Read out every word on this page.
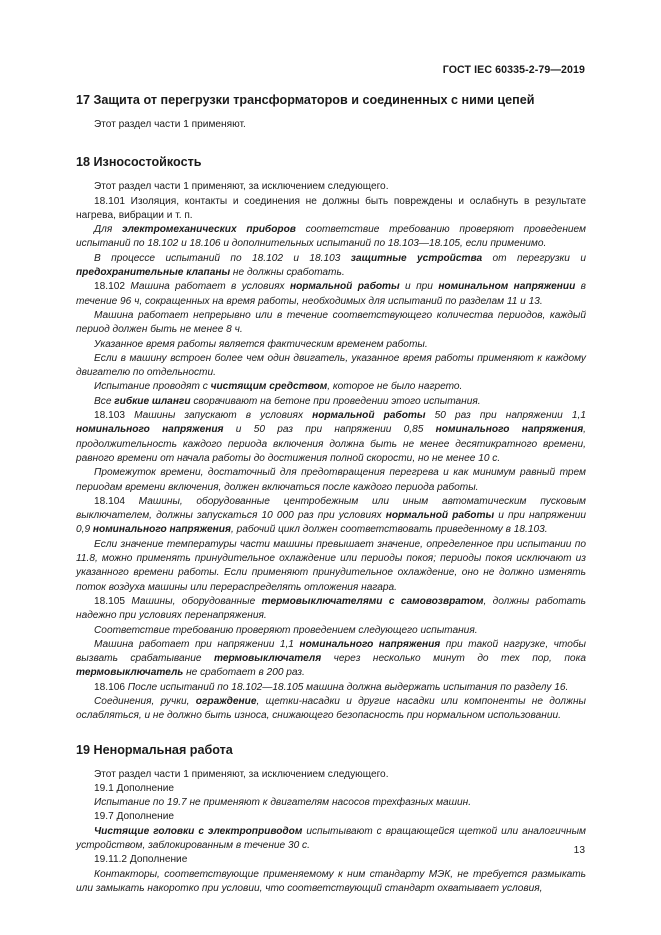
ГОСТ IEC 60335-2-79—2019
17 Защита от перегрузки трансформаторов и соединенных с ними цепей

Этот раздел части 1 применяют.

18 Износостойкость

Этот раздел части 1 применяют, за исключением следующего.

18.101 Изоляция, контакты и соединения не должны быть повреждены и ослабнуть в результате нагрева, вибрации и т. п.

Для электромеханических приборов соответствие требованию проверяют проведением испытаний по 18.102 и 18.106 и дополнительных испытаний по 18.103—18.105, если применимо.

В процессе испытаний по 18.102 и 18.103 защитные устройства от перегрузки и предохранительные клапаны не должны сработать.

18.102 Машина работает в условиях нормальной работы и при номинальном напряжении в течение 96 ч, сокращенных на время работы, необходимых для испытаний по разделам 11 и 13.

Машина работает непрерывно или в течение соответствующего количества периодов, каждый период должен быть не менее 8 ч.

Указанное время работы является фактическим временем работы.

Если в машину встроен более чем один двигатель, указанное время работы применяют к каждому двигателю по отдельности.

Испытание проводят с чистящим средством, которое не было нагрето.

Все гибкие шланги сворачивают на бетоне при проведении этого испытания.

18.103 Машины запускают в условиях нормальной работы 50 раз при напряжении 1,1 номинального напряжения и 50 раз при напряжении 0,85 номинального напряжения, продолжительность каждого периода включения должна быть не менее десятикратного времени, равного времени от начала работы до достижения полной скорости, но не менее 10 с.

Промежуток времени, достаточный для предотвращения перегрева и как минимум равный трем периодам времени включения, должен включаться после каждого периода работы.

18.104 Машины, оборудованные центробежным или иным автоматическим пусковым выключателем, должны запускаться 10 000 раз при условиях нормальной работы и при напряжении 0,9 номинального напряжения, рабочий цикл должен соответствовать приведенному в 18.103.

Если значение температуры части машины превышает значение, определенное при испытании по 11.8, можно применять принудительное охлаждение или периоды покоя; периоды покоя исключают из указанного времени работы. Если применяют принудительное охлаждение, оно не должно изменять поток воздуха машины или перераспределять отложения нагара.

18.105 Машины, оборудованные термовыключателями с самовозвратом, должны работать надежно при условиях перенапряжения.

Соответствие требованию проверяют проведением следующего испытания.

Машина работает при напряжении 1,1 номинального напряжения при такой нагрузке, чтобы вызвать срабатывание термовыключателя через несколько минут до тех пор, пока термовыключатель не сработает в 200 раз.

18.106 После испытаний по 18.102—18.105 машина должна выдержать испытания по разделу 16.

Соединения, ручки, ограждение, щетки-насадки и другие насадки или компоненты не должны ослабляться, и не должно быть износа, снижающего безопасность при нормальном использовании.

19 Ненормальная работа

Этот раздел части 1 применяют, за исключением следующего.

19.1 Дополнение

Испытание по 19.7 не применяют к двигателям насосов трехфазных машин.

19.7 Дополнение

Чистящие головки с электроприводом испытывают с вращающейся щеткой или аналогичным устройством, заблокированным в течение 30 с.

19.11.2 Дополнение

Контакторы, соответствующие применяемому к ним стандарту МЭК, не требуется размыкать или замыкать накоротко при условии, что соответствующий стандарт охватывает условия,

13
